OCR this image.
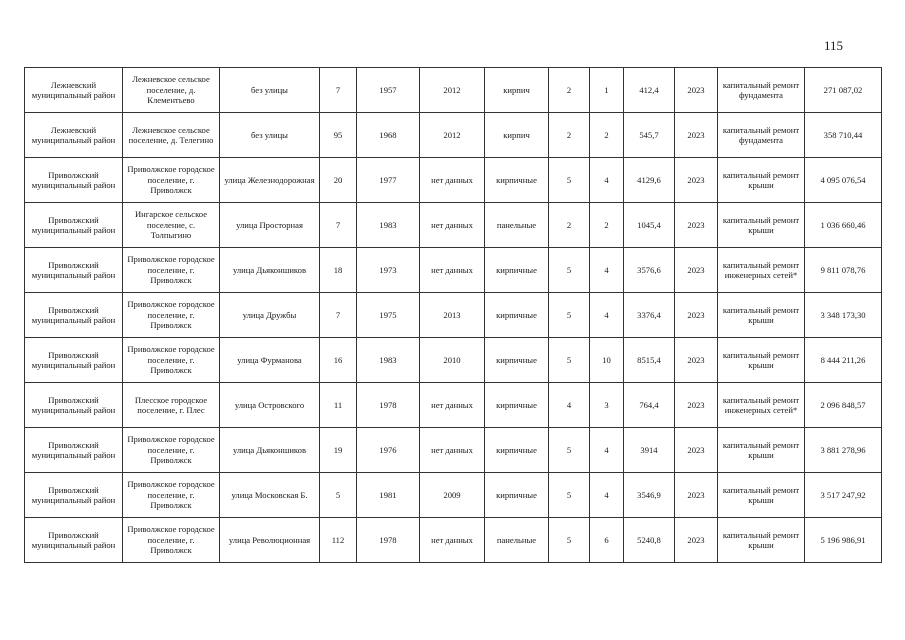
115
Лежневский муниципальный район	Лежневское сельское поселение, д. Клементьево	без улицы	7	1957	2012	кирпич	2	1	412,4	2023	капитальный ремонт фундамента	271 087,02
Лежневский муниципальный район	Лежневское сельское поселение, д. Телегино	без улицы	95	1968	2012	кирпич	2	2	545,7	2023	капитальный ремонт фундамента	358 710,44
Приволжский муниципальный район	Приволжское городское поселение, г. Приволжск	улица Железнодорожная	20	1977	нет данных	кирпичные	5	4	4129,6	2023	капитальный ремонт крыши	4 095 076,54
Приволжский муниципальный район	Ингарское сельское поселение, с. Толпыгино	улица Просторная	7	1983	нет данных	панельные	2	2	1045,4	2023	капитальный ремонт крыши	1 036 660,46
Приволжский муниципальный район	Приволжское городское поселение, г. Приволжск	улица Дьяконшиков	18	1973	нет данных	кирпичные	5	4	3576,6	2023	капитальный ремонт инженерных сетей*	9 811 078,76
Приволжский муниципальный район	Приволжское городское поселение, г. Приволжск	улица Дружбы	7	1975	2013	кирпичные	5	4	3376,4	2023	капитальный ремонт крыши	3 348 173,30
Приволжский муниципальный район	Приволжское городское поселение, г. Приволжск	улица Фурманова	16	1983	2010	кирпичные	5	10	8515,4	2023	капитальный ремонт крыши	8 444 211,26
Приволжский муниципальный район	Плесское городское поселение, г. Плес	улица Островского	11	1978	нет данных	кирпичные	4	3	764,4	2023	капитальный ремонт инженерных сетей*	2 096 848,57
Приволжский муниципальный район	Приволжское городское поселение, г. Приволжск	улица Дьяконшиков	19	1976	нет данных	кирпичные	5	4	3914	2023	капитальный ремонт крыши	3 881 278,96
Приволжский муниципальный район	Приволжское городское поселение, г. Приволжск	улица Московская Б.	5	1981	2009	кирпичные	5	4	3546,9	2023	капитальный ремонт крыши	3 517 247,92
Приволжский муниципальный район	Приволжское городское поселение, г. Приволжск	улица Революционная	112	1978	нет данных	панельные	5	6	5240,8	2023	капитальный ремонт крыши	5 196 986,91
